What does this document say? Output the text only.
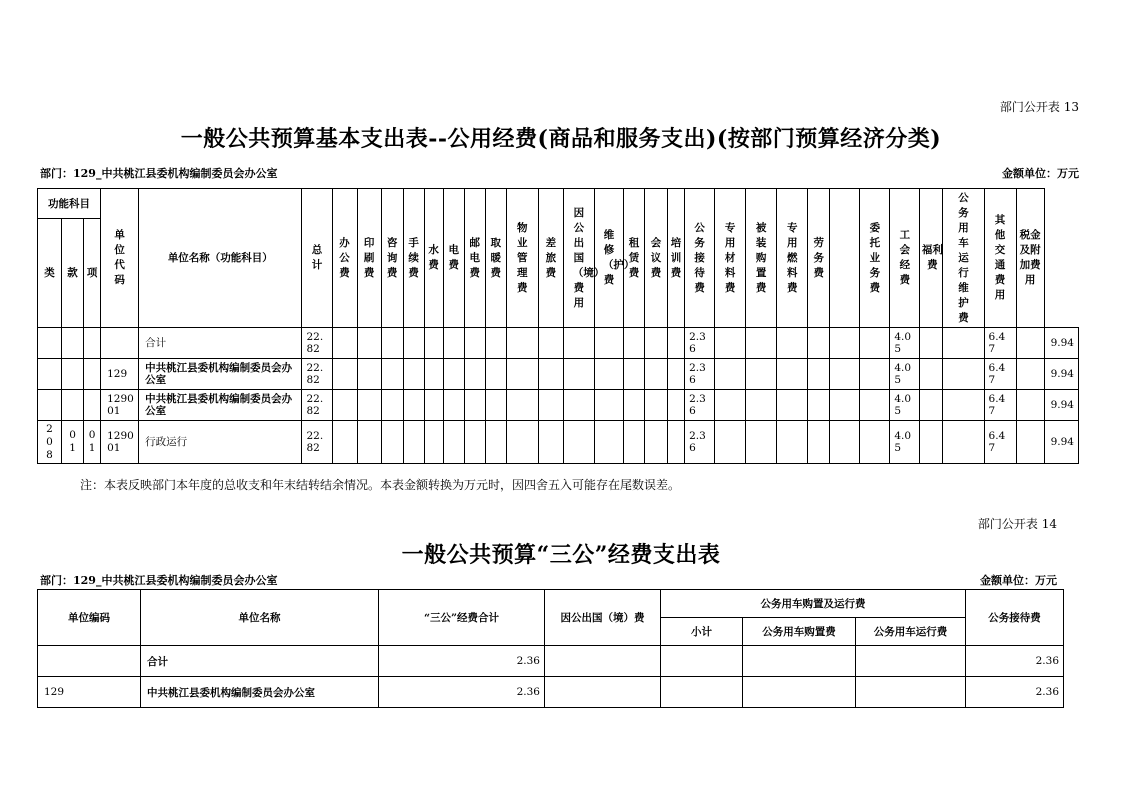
部门公开表 13
一般公共预算基本支出表--公用经费(商品和服务支出)(按部门预算经济分类)
部门：129_中共桃江县委机构编制委员会办公室	金额单位：万元
功能科目			单位代码	单位名称（功能科目）	总计	办公费	印刷费	咨询费	手续费	水费	电费	邮电费	取暖费	物业管理费	差旅费	因公出国（境）费用	维修（护）费	租赁费	会议费	培训费	公务接待费	专用材料费	被装购置费	专用燃料费	劳务费		委托业务费	工会经费	福利费	公务用车运行维护费	其他交通费用	税金及附加费用	
类	款	项																															
				合计	22.82																2.36							4.05			6.47		9.94
			129	中共桃江县委机构编制委员会办公室	22.82																2.36							4.05			6.47		9.94
			129001	中共桃江县委机构编制委员会办公室	22.82																2.36							4.05			6.47		9.94
208	01	01	129001	行政运行	22.82																2.36							4.05			6.47		9.94
注：本表反映部门本年度的总收支和年末结转结余情况。本表金额转换为万元时，因四舍五入可能存在尾数误差。
部门公开表 14
一般公共预算“三公”经费支出表
部门：129_中共桃江县委机构编制委员会办公室	金额单位：万元
单位编码	单位名称	“三公”经费合计	因公出国（境）费	公务用车购置及运行费			公务接待费
				小计	公务用车购置费	公务用车运行费	
	合计	2.36					2.36
129	中共桃江县委机构编制委员会办公室	2.36					2.36
